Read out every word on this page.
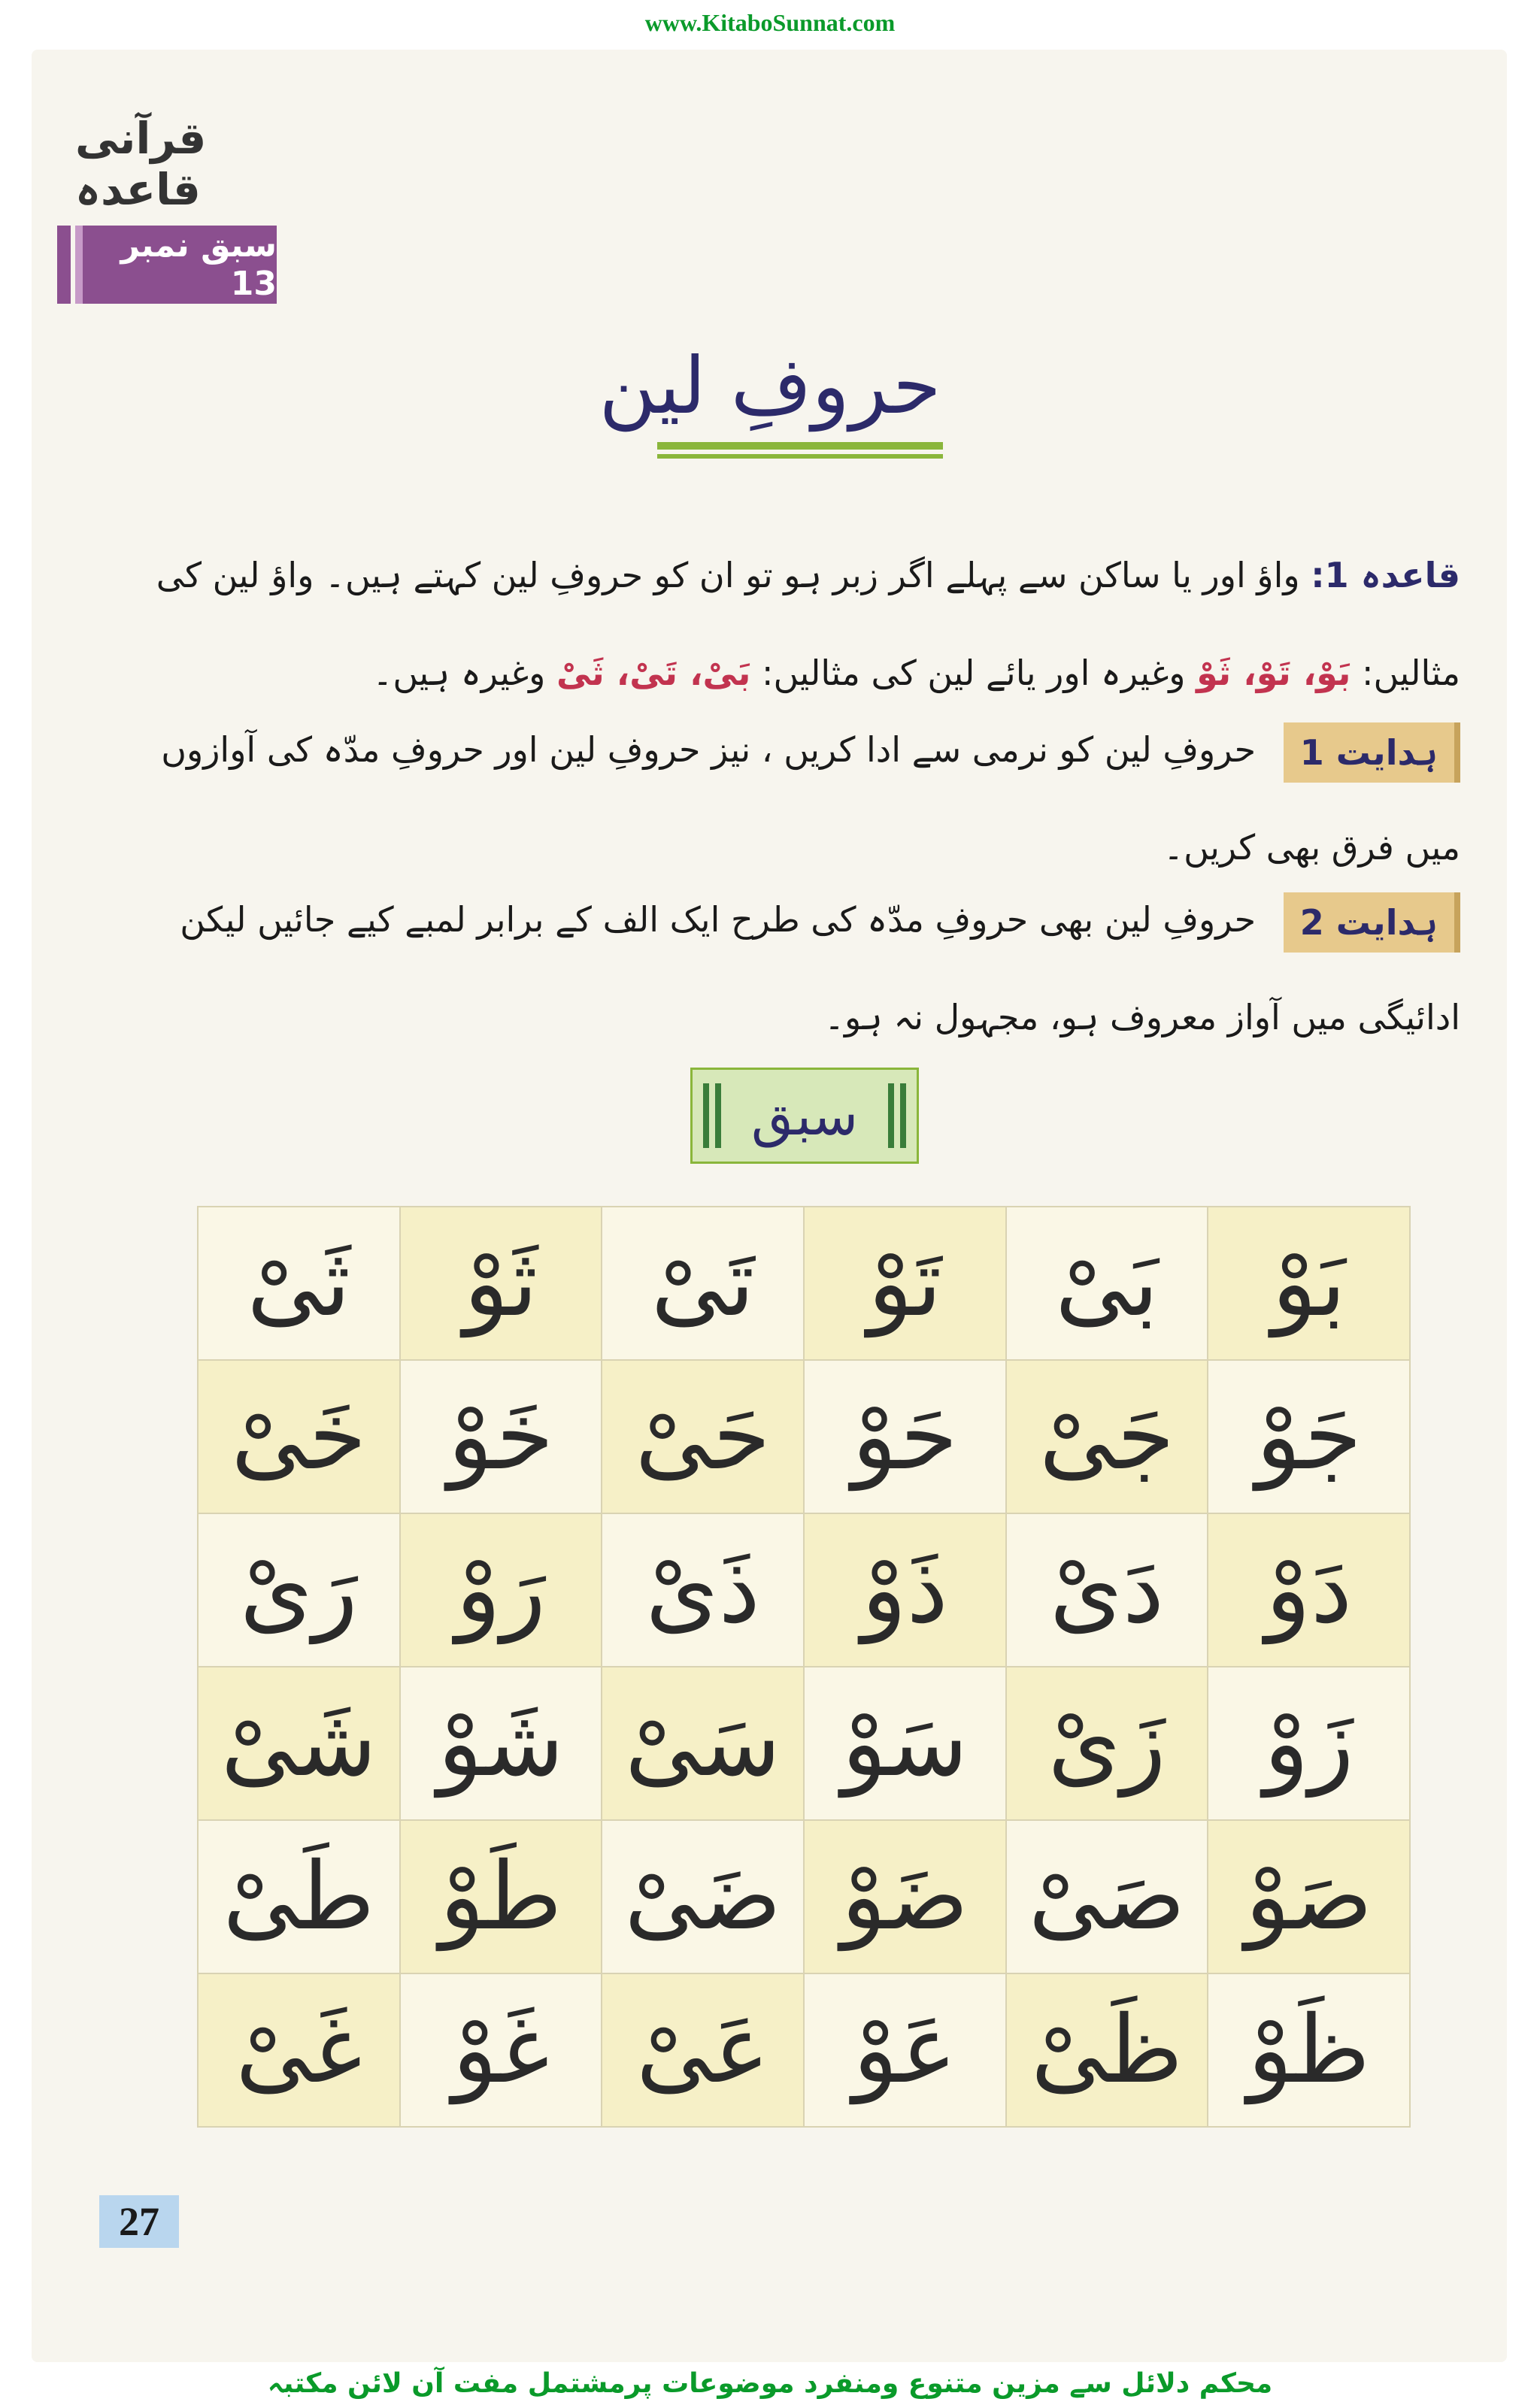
www.KitaboSunnat.com
قرآنی قاعدہ
سبق نمبر 13
حروفِ لین
قاعدہ 1: واؤ اور یا ساکن سے پہلے اگر زبر ہو تو ان کو حروفِ لین کہتے ہیں۔ واؤ لین کی مثالیں: بَوْ، تَوْ، ثَوْ وغیرہ اور یائے لین کی مثالیں: بَیْ، تَیْ، ثَیْ وغیرہ ہیں۔
ہدایت 1 حروفِ لین کو نرمی سے ادا کریں ، نیز حروفِ لین اور حروفِ مدّہ کی آوازوں میں فرق بھی کریں۔
ہدایت 2 حروفِ لین بھی حروفِ مدّہ کی طرح ایک الف کے برابر لمبے کیے جائیں لیکن ادائیگی میں آواز معروف ہو، مجہول نہ ہو۔
سبق
بَوْ
بَیْ
تَوْ
تَیْ
ثَوْ
ثَیْ
جَوْ
جَیْ
حَوْ
حَیْ
خَوْ
خَیْ
دَوْ
دَیْ
ذَوْ
ذَیْ
رَوْ
رَیْ
زَوْ
زَیْ
سَوْ
سَیْ
شَوْ
شَیْ
صَوْ
صَیْ
ضَوْ
ضَیْ
طَوْ
طَیْ
ظَوْ
ظَیْ
عَوْ
عَیْ
غَوْ
غَیْ
27
محکم دلائل سے مزین متنوع ومنفرد موضوعات پرمشتمل مفت آن لائن مکتبہ
